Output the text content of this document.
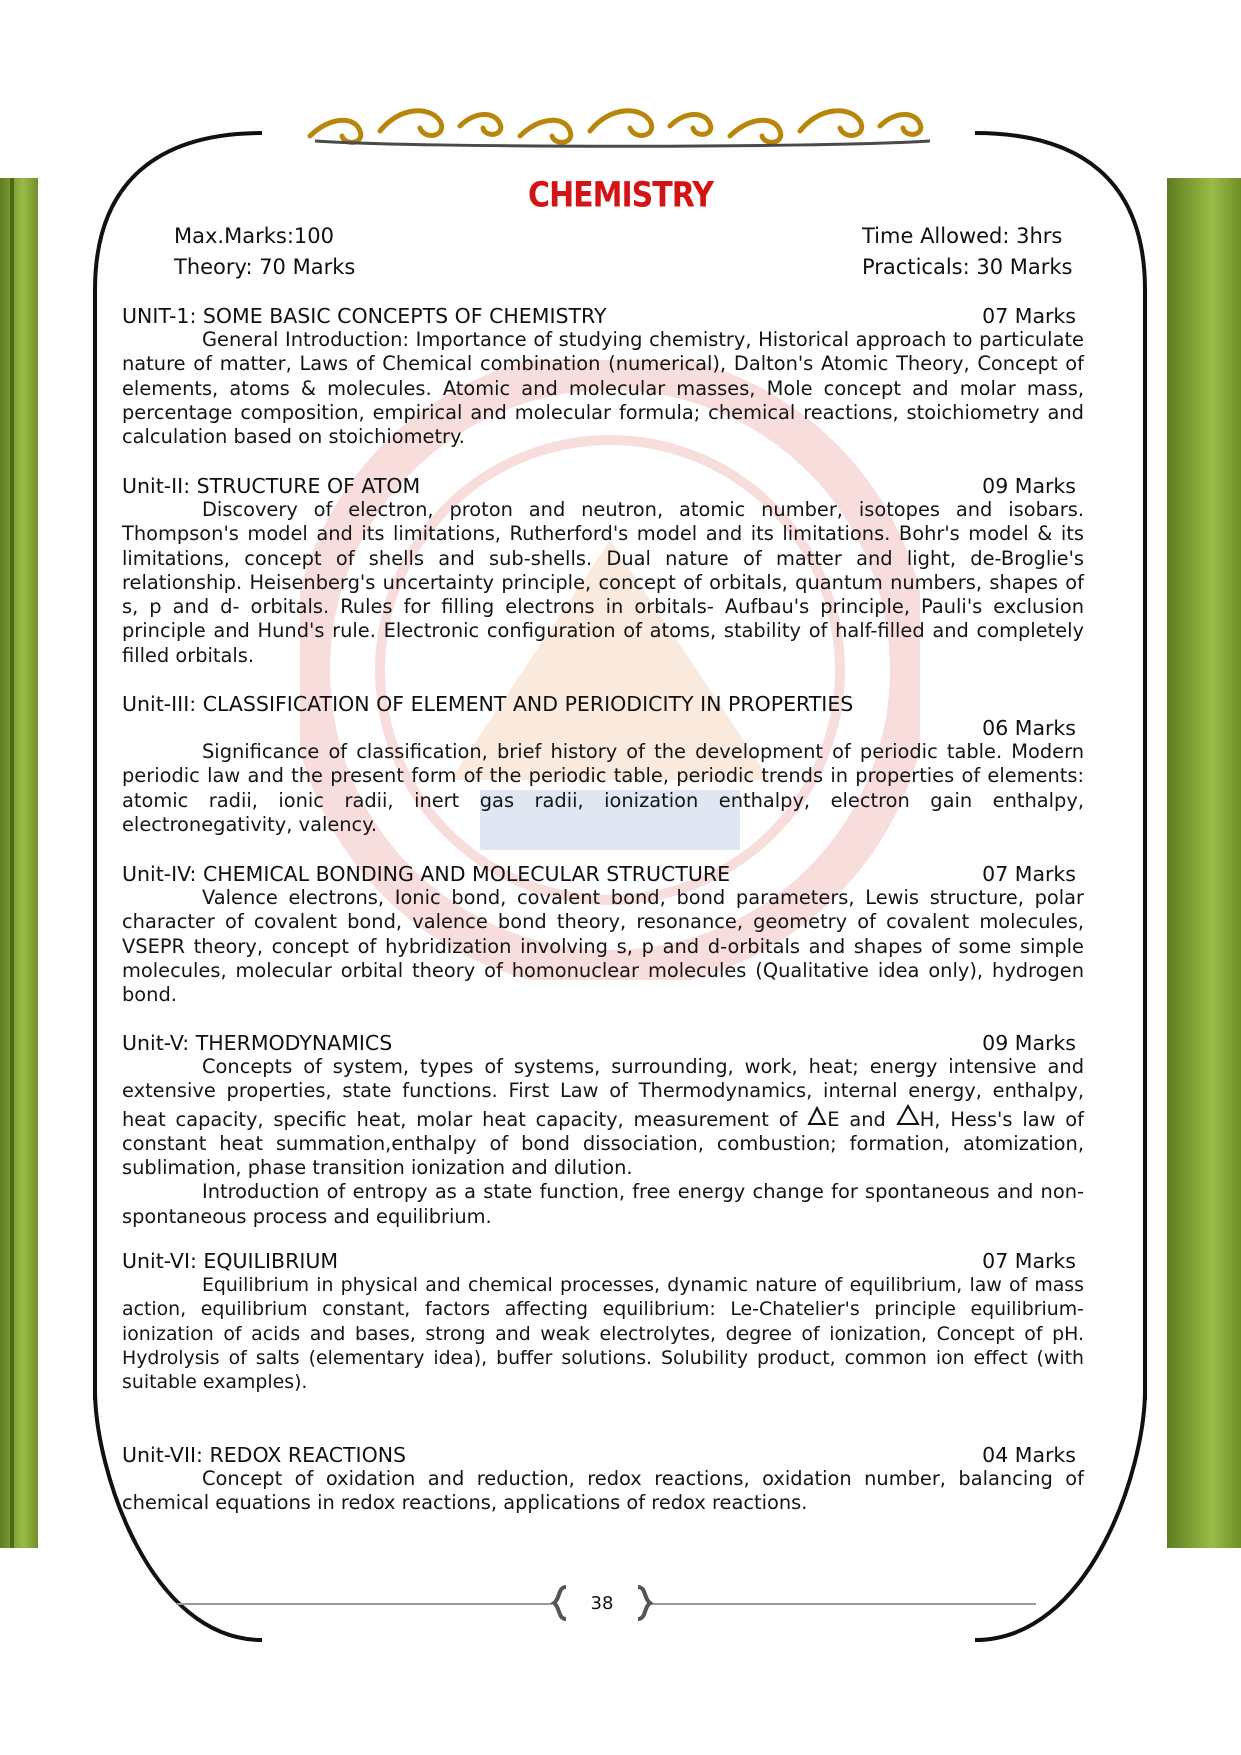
CHEMISTRY
Max.Marks:100	Time Allowed: 3hrs
Theory: 70 Marks	Practicals: 30 Marks
UNIT-1: SOME BASIC CONCEPTS OF CHEMISTRY	07 Marks

General Introduction: Importance of studying chemistry, Historical approach to particulate nature of matter, Laws of Chemical combination (numerical), Dalton's Atomic Theory, Concept of elements, atoms & molecules. Atomic and molecular masses, Mole concept and molar mass, percentage composition, empirical and molecular formula; chemical reactions, stoichiometry and calculation based on stoichiometry.

Unit-II: STRUCTURE OF ATOM	09 Marks

Discovery of electron, proton and neutron, atomic number, isotopes and isobars. Thompson's model and its limitations, Rutherford's model and its limitations. Bohr's model & its limitations, concept of shells and sub-shells. Dual nature of matter and light, de-Broglie's relationship. Heisenberg's uncertainty principle, concept of orbitals, quantum numbers, shapes of s, p and d- orbitals. Rules for filling electrons in orbitals- Aufbau's principle, Pauli's exclusion principle and Hund's rule. Electronic configuration of atoms, stability of half-filled and completely filled orbitals.

Unit-III: CLASSIFICATION OF ELEMENT AND PERIODICITY IN PROPERTIES
06 Marks

Significance of classification, brief history of the development of periodic table. Modern periodic law and the present form of the periodic table, periodic trends in properties of elements: atomic radii, ionic radii, inert gas radii, ionization enthalpy, electron gain enthalpy, electronegativity, valency.

Unit-IV: CHEMICAL BONDING AND MOLECULAR STRUCTURE	07 Marks

Valence electrons, Ionic bond, covalent bond, bond parameters, Lewis structure, polar character of covalent bond, valence bond theory, resonance, geometry of covalent molecules, VSEPR theory, concept of hybridization involving s, p and d-orbitals and shapes of some simple molecules, molecular orbital theory of homonuclear molecules (Qualitative idea only), hydrogen bond.

Unit-V: THERMODYNAMICS	09 Marks

Concepts of system, types of systems, surrounding, work, heat; energy intensive and extensive properties, state functions. First Law of Thermodynamics, internal energy, enthalpy, heat capacity, specific heat, molar heat capacity, measurement of E and H, Hess's law of constant heat summation,enthalpy of bond dissociation, combustion; formation, atomization, sublimation, phase transition ionization and dilution.

Introduction of entropy as a state function, free energy change for spontaneous and non-spontaneous process and equilibrium.

Unit-VI: EQUILIBRIUM	07 Marks

Equilibrium in physical and chemical processes, dynamic nature of equilibrium, law of mass action, equilibrium constant, factors affecting equilibrium: Le-Chatelier's principle equilibrium-ionization of acids and bases, strong and weak electrolytes, degree of ionization, Concept of pH. Hydrolysis of salts (elementary idea), buffer solutions. Solubility product, common ion effect (with suitable examples).

Unit-VII: REDOX REACTIONS	04 Marks

Concept of oxidation and reduction, redox reactions, oxidation number, balancing of chemical equations in redox reactions, applications of redox reactions.

38
